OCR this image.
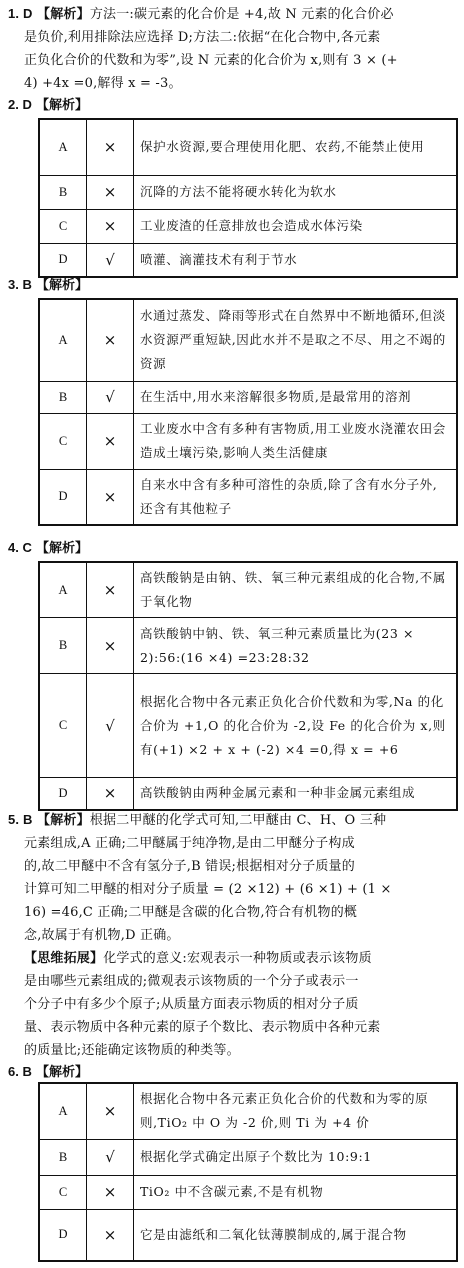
1. D 【解析】方法一:碳元素的化合价是 +4,故 N 元素的化合价必
是负价,利用排除法应选择 D;方法二:依据“在化合物中,各元素
正负化合价的代数和为零”,设 N 元素的化合价为 x,则有 3 × (+
4) +4x =0,解得 x = -3。
2. D 【解析】
A	×	保护水资源,要合理使用化肥、农药,不能禁止使用
B	×	沉降的方法不能将硬水转化为软水
C	×	工业废渣的任意排放也会造成水体污染
D	√	喷灌、滴灌技术有利于节水
3. B 【解析】
A	×	水通过蒸发、降雨等形式在自然界中不断地循环,但淡水资源严重短缺,因此水并不是取之不尽、用之不竭的资源
B	√	在生活中,用水来溶解很多物质,是最常用的溶剂
C	×	工业废水中含有多种有害物质,用工业废水浇灌农田会造成土壤污染,影响人类生活健康
D	×	自来水中含有多种可溶性的杂质,除了含有水分子外,还含有其他粒子
4. C 【解析】
A	×	高铁酸钠是由钠、铁、氧三种元素组成的化合物,不属于氧化物
B	×	高铁酸钠中钠、铁、氧三种元素质量比为(23 × 2):56:(16 ×4) =23:28:32
C	√	根据化合物中各元素正负化合价代数和为零,Na 的化合价为 +1,O 的化合价为 -2,设 Fe 的化合价为 x,则有(+1) ×2 + x + (-2) ×4 =0,得 x = +6
D	×	高铁酸钠由两种金属元素和一种非金属元素组成
5. B 【解析】根据二甲醚的化学式可知,二甲醚由 C、H、O 三种
元素组成,A 正确;二甲醚属于纯净物,是由二甲醚分子构成
的,故二甲醚中不含有氢分子,B 错误;根据相对分子质量的
计算可知二甲醚的相对分子质量 = (2 ×12) + (6 ×1) + (1 ×
16) =46,C 正确;二甲醚是含碳的化合物,符合有机物的概
念,故属于有机物,D 正确。
【思维拓展】化学式的意义:宏观表示一种物质或表示该物质
是由哪些元素组成的;微观表示该物质的一个分子或表示一
个分子中有多少个原子;从质量方面表示物质的相对分子质
量、表示物质中各种元素的原子个数比、表示物质中各种元素
的质量比;还能确定该物质的种类等。
6. B 【解析】
A	×	根据化合物中各元素正负化合价的代数和为零的原则,TiO₂ 中 O 为 -2 价,则 Ti 为 +4 价
B	√	根据化学式确定出原子个数比为 10:9:1
C	×	TiO₂ 中不含碳元素,不是有机物
D	×	它是由滤纸和二氧化钛薄膜制成的,属于混合物
